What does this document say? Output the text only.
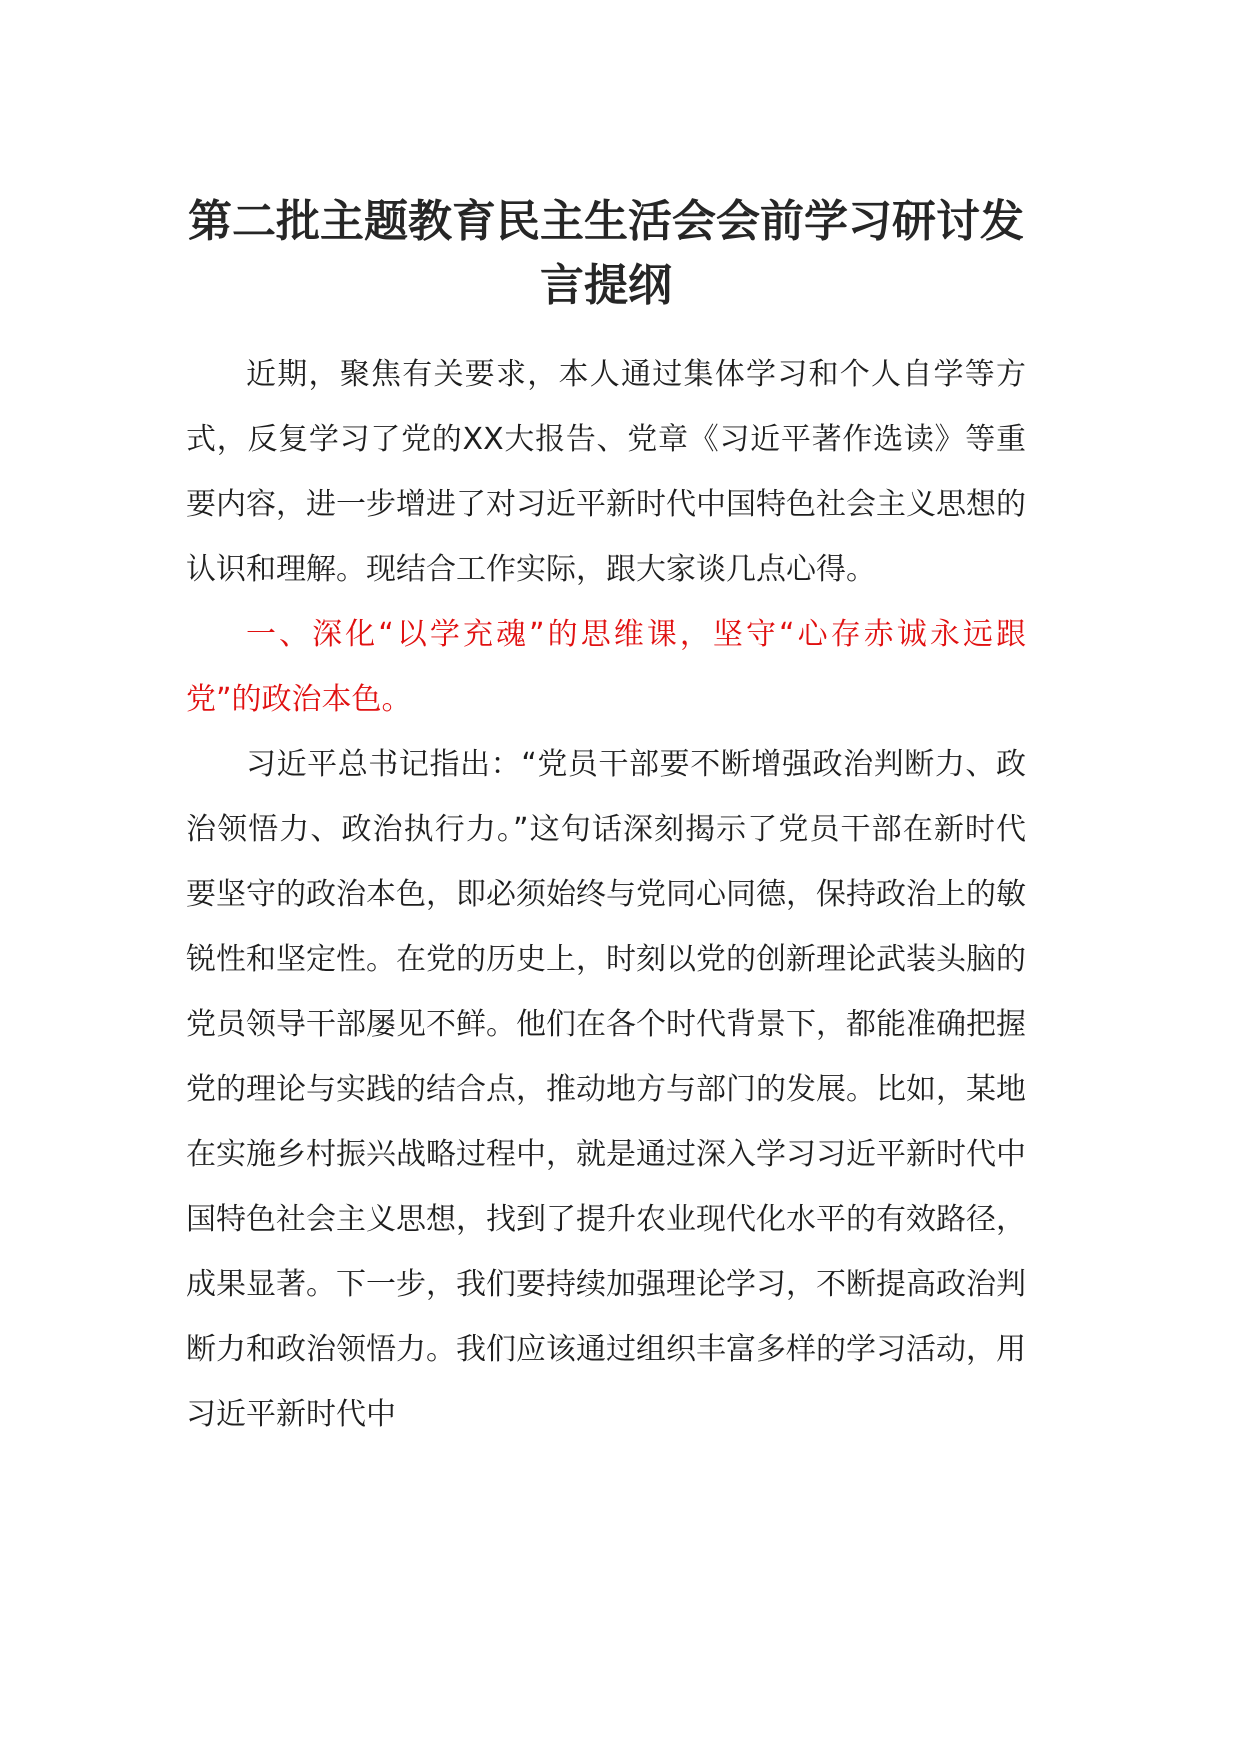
第二批主题教育民主生活会会前学习研讨发言提纲

近期，聚焦有关要求，本人通过集体学习和个人自学等方式，反复学习了党的XX大报告、党章《习近平著作选读》等重要内容，进一步增进了对习近平新时代中国特色社会主义思想的认识和理解。现结合工作实际，跟大家谈几点心得。

一、深化“以学充魂”的思维课，坚守“心存赤诚永远跟党”的政治本色。

习近平总书记指出：“党员干部要不断增强政治判断力、政治领悟力、政治执行力。”这句话深刻揭示了党员干部在新时代要坚守的政治本色，即必须始终与党同心同德，保持政治上的敏锐性和坚定性。在党的历史上，时刻以党的创新理论武装头脑的党员领导干部屡见不鲜。他们在各个时代背景下，都能准确把握党的理论与实践的结合点，推动地方与部门的发展。比如，某地在实施乡村振兴战略过程中，就是通过深入学习习近平新时代中国特色社会主义思想，找到了提升农业现代化水平的有效路径，成果显著。下一步，我们要持续加强理论学习，不断提高政治判断力和政治领悟力。我们应该通过组织丰富多样的学习活动，用习近平新时代中
